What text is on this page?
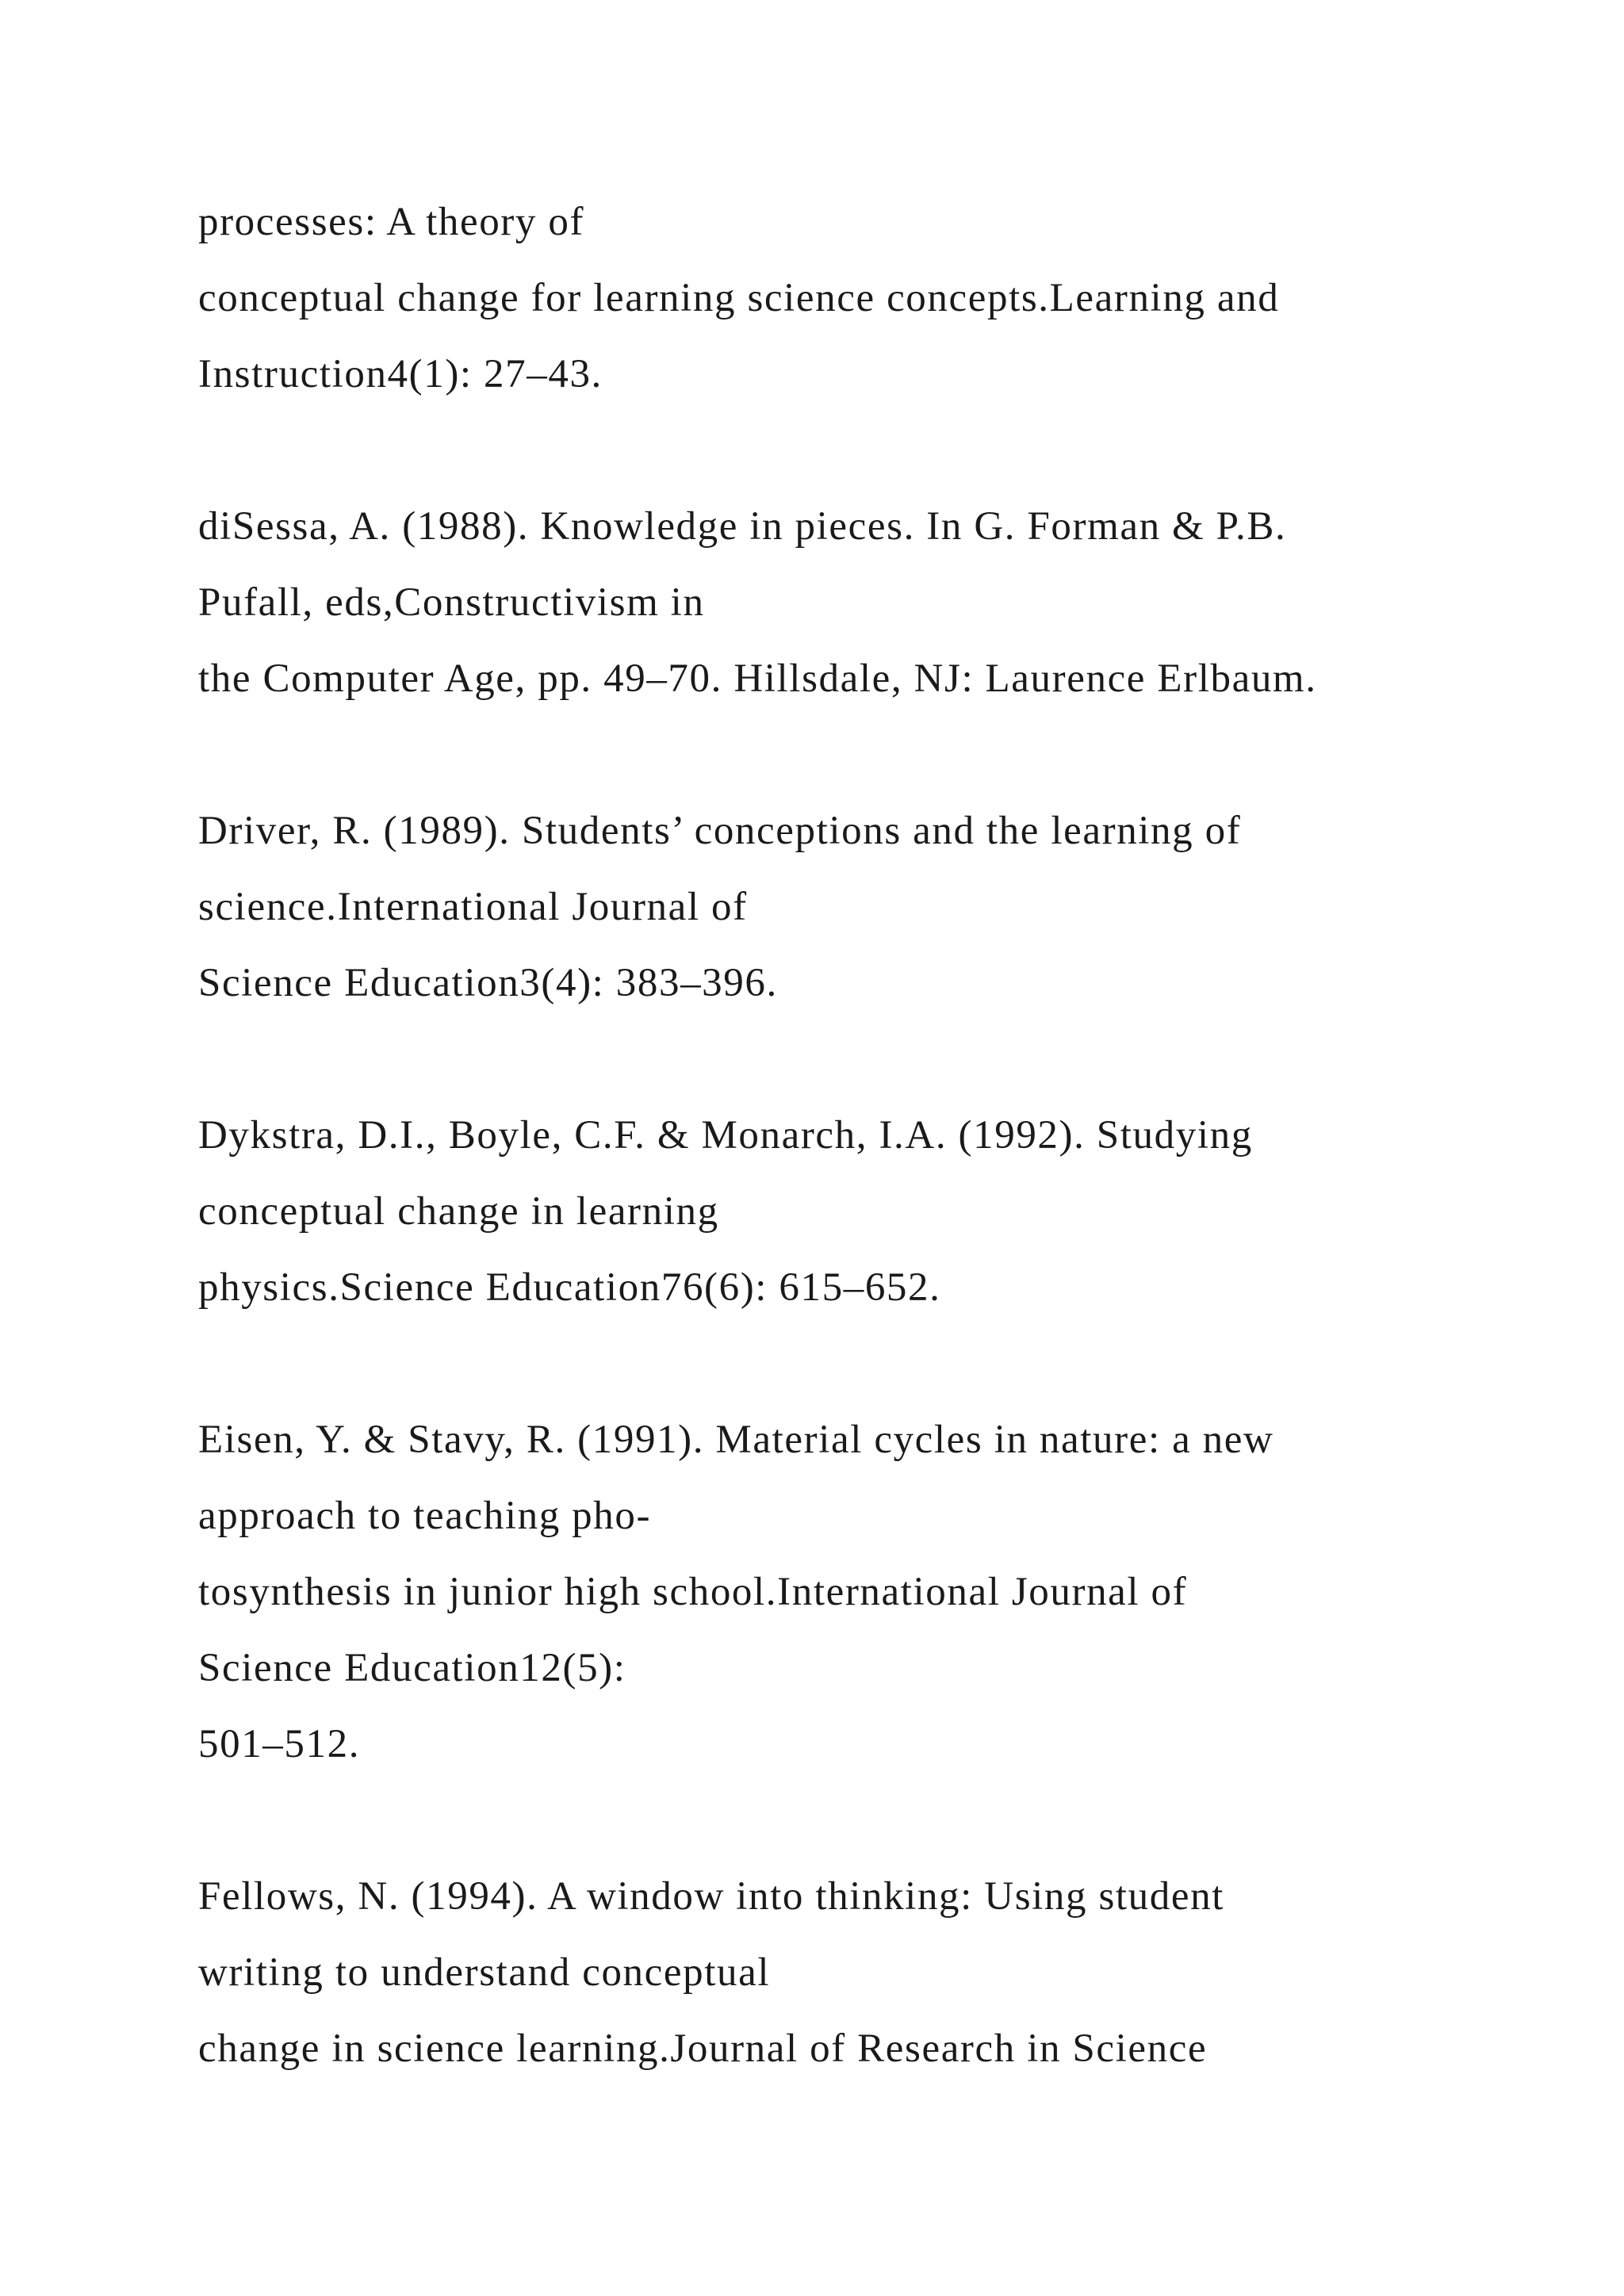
processes: A theory of
conceptual change for learning science concepts.Learning and
Instruction4(1): 27–43.
diSessa, A. (1988). Knowledge in pieces. In G. Forman & P.B.
Pufall, eds,Constructivism in
the Computer Age, pp. 49–70. Hillsdale, NJ: Laurence Erlbaum.
Driver, R. (1989). Students’ conceptions and the learning of
science.International Journal of
Science Education3(4): 383–396.
Dykstra, D.I., Boyle, C.F. & Monarch, I.A. (1992). Studying
conceptual change in learning
physics.Science Education76(6): 615–652.
Eisen, Y. & Stavy, R. (1991). Material cycles in nature: a new
approach to teaching pho-
tosynthesis in junior high school.International Journal of
Science Education12(5):
501–512.
Fellows, N. (1994). A window into thinking: Using student
writing to understand conceptual
change in science learning.Journal of Research in Science
